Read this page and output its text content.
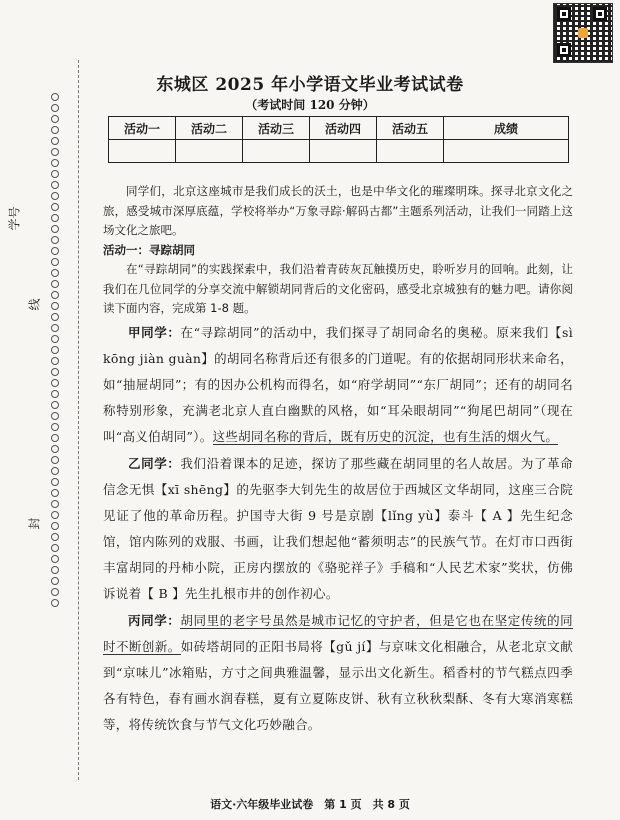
学号
线
封
东城区 2025 年小学语文毕业考试试卷
（考试时间 120 分钟）
活动一	活动二	活动三	活动四	活动五	成绩

同学们，北京这座城市是我们成长的沃土，也是中华文化的璀璨明珠。探寻北京文化之旅，感受城市深厚底蕴，学校将举办“万象寻踪·解码古都”主题系列活动，让我们一同踏上这场文化之旅吧。

活动一：寻踪胡同

在“寻踪胡同”的实践探索中，我们沿着青砖灰瓦触摸历史，聆听岁月的回响。此刻，让我们在几位同学的分享交流中解锁胡同背后的文化密码，感受北京城独有的魅力吧。请你阅读下面内容，完成第 1-8 题。

甲同学：在“寻踪胡同”的活动中，我们探寻了胡同命名的奥秘。原来我们【sì kōng jiàn guàn】的胡同名称背后还有很多的门道呢。有的依据胡同形状来命名，如“抽屉胡同”；有的因办公机构而得名，如“府学胡同”“东厂胡同”；还有的胡同名称特别形象，充满老北京人直白幽默的风格，如“耳朵眼胡同”“狗尾巴胡同”（现在叫“高义伯胡同”）。这些胡同名称的背后，既有历史的沉淀，也有生活的烟火气。

乙同学：我们沿着课本的足迹，探访了那些藏在胡同里的名人故居。为了革命信念无惧【xī shēng】的先驱李大钊先生的故居位于西城区文华胡同，这座三合院见证了他的革命历程。护国寺大街 9 号是京剧【lǐng yù】泰斗【 A 】先生纪念馆，馆内陈列的戏服、书画，让我们想起他“蓄须明志”的民族气节。在灯市口西街丰富胡同的丹柿小院，正房内摆放的《骆驼祥子》手稿和“人民艺术家”奖状，仿佛诉说着【 B 】先生扎根市井的创作初心。

丙同学：胡同里的老字号虽然是城市记忆的守护者，但是它也在坚定传统的同时不断创新。如砖塔胡同的正阳书局将【gǔ jí】与京味文化相融合，从老北京文献到“京味儿”冰箱贴，方寸之间典雅温馨，显示出文化新生。稻香村的节气糕点四季各有特色，春有画水润春糕，夏有立夏陈皮饼、秋有立秋秋梨酥、冬有大寒消寒糕等，将传统饮食与节气文化巧妙融合。

语文·六年级毕业试卷　第 1 页　共 8 页
